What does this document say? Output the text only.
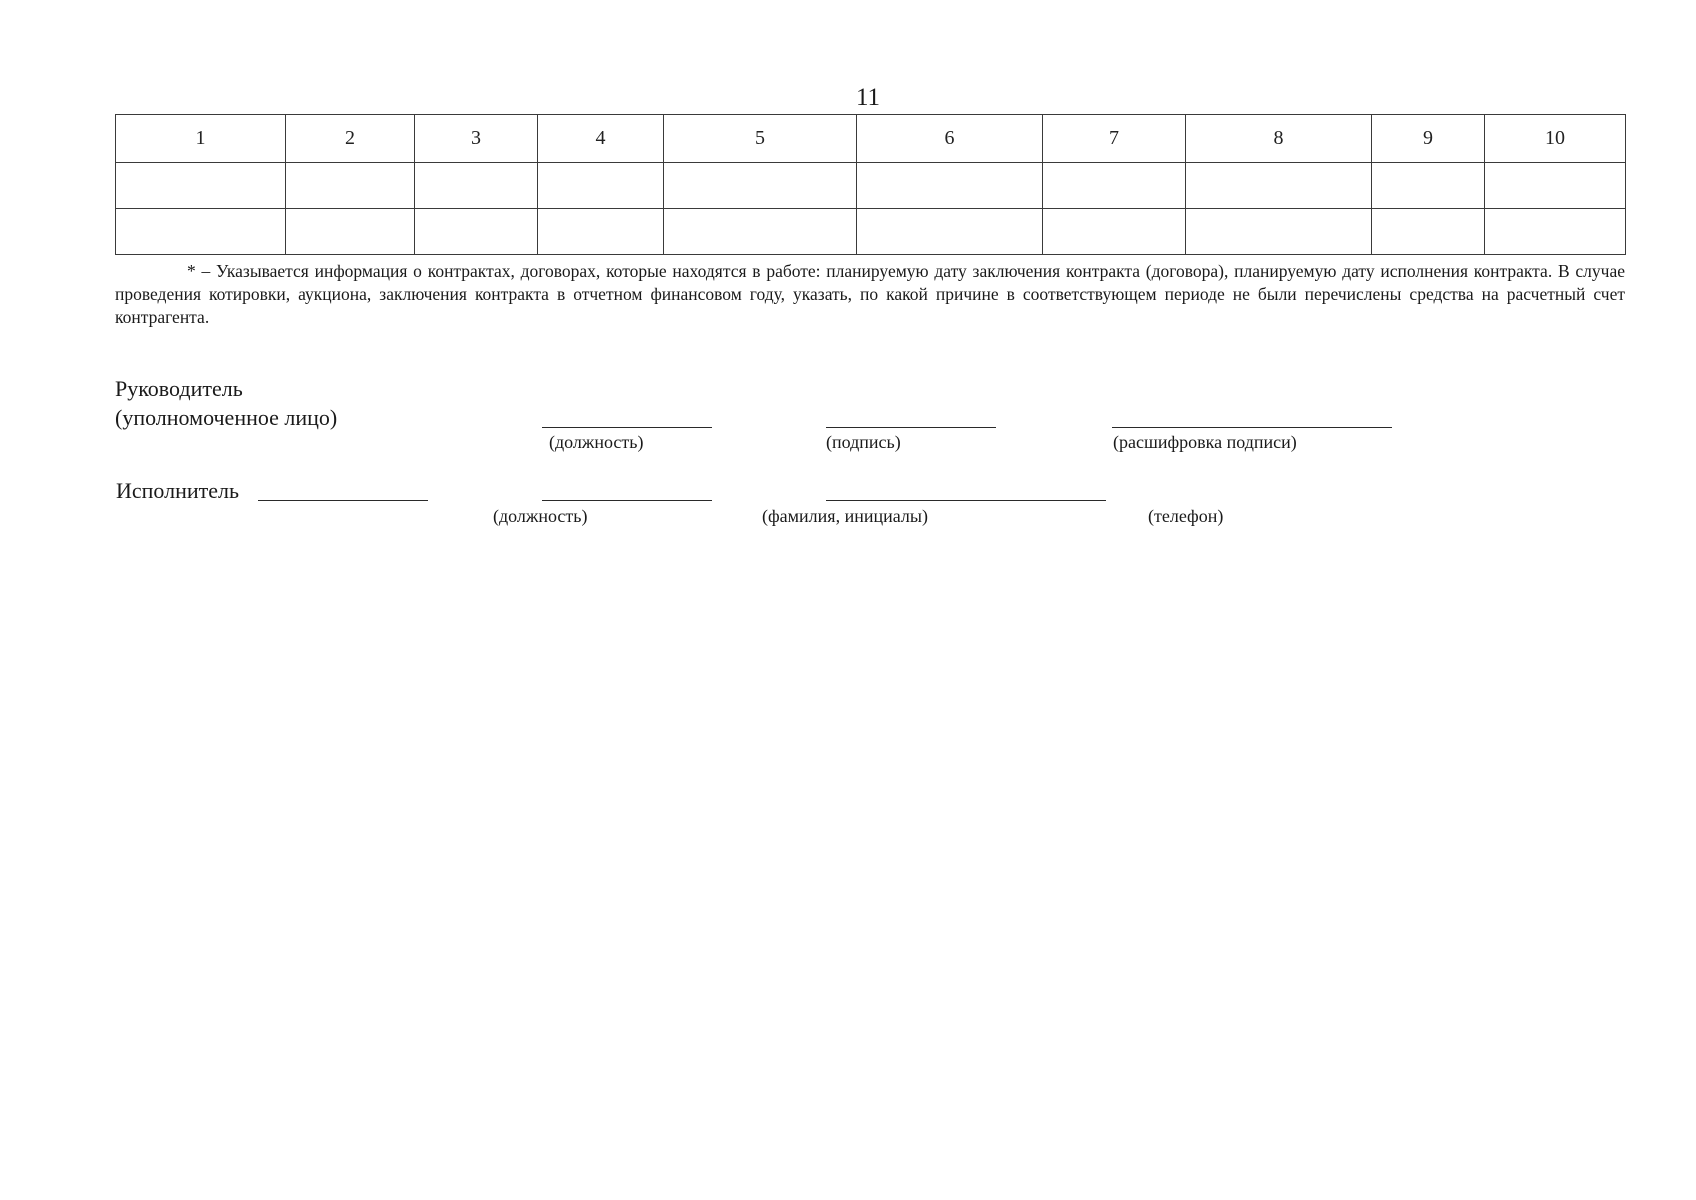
11
1	2	3	4	5	6	7	8	9	10

* – Указывается информация о контрактах, договорах, которые находятся в работе: планируемую дату заключения контракта (договора), планируемую дату исполнения контракта. В случае проведения котировки, аукциона, заключения контракта в отчетном финансовом году, указать, по какой причине в соответствующем периоде не были перечислены средства на расчетный счет контрагента.
Руководитель
(уполномоченное лицо)
(должность)	(подпись)	(расшифровка подписи)
Исполнитель
(должность)	(фамилия, инициалы)	(телефон)
